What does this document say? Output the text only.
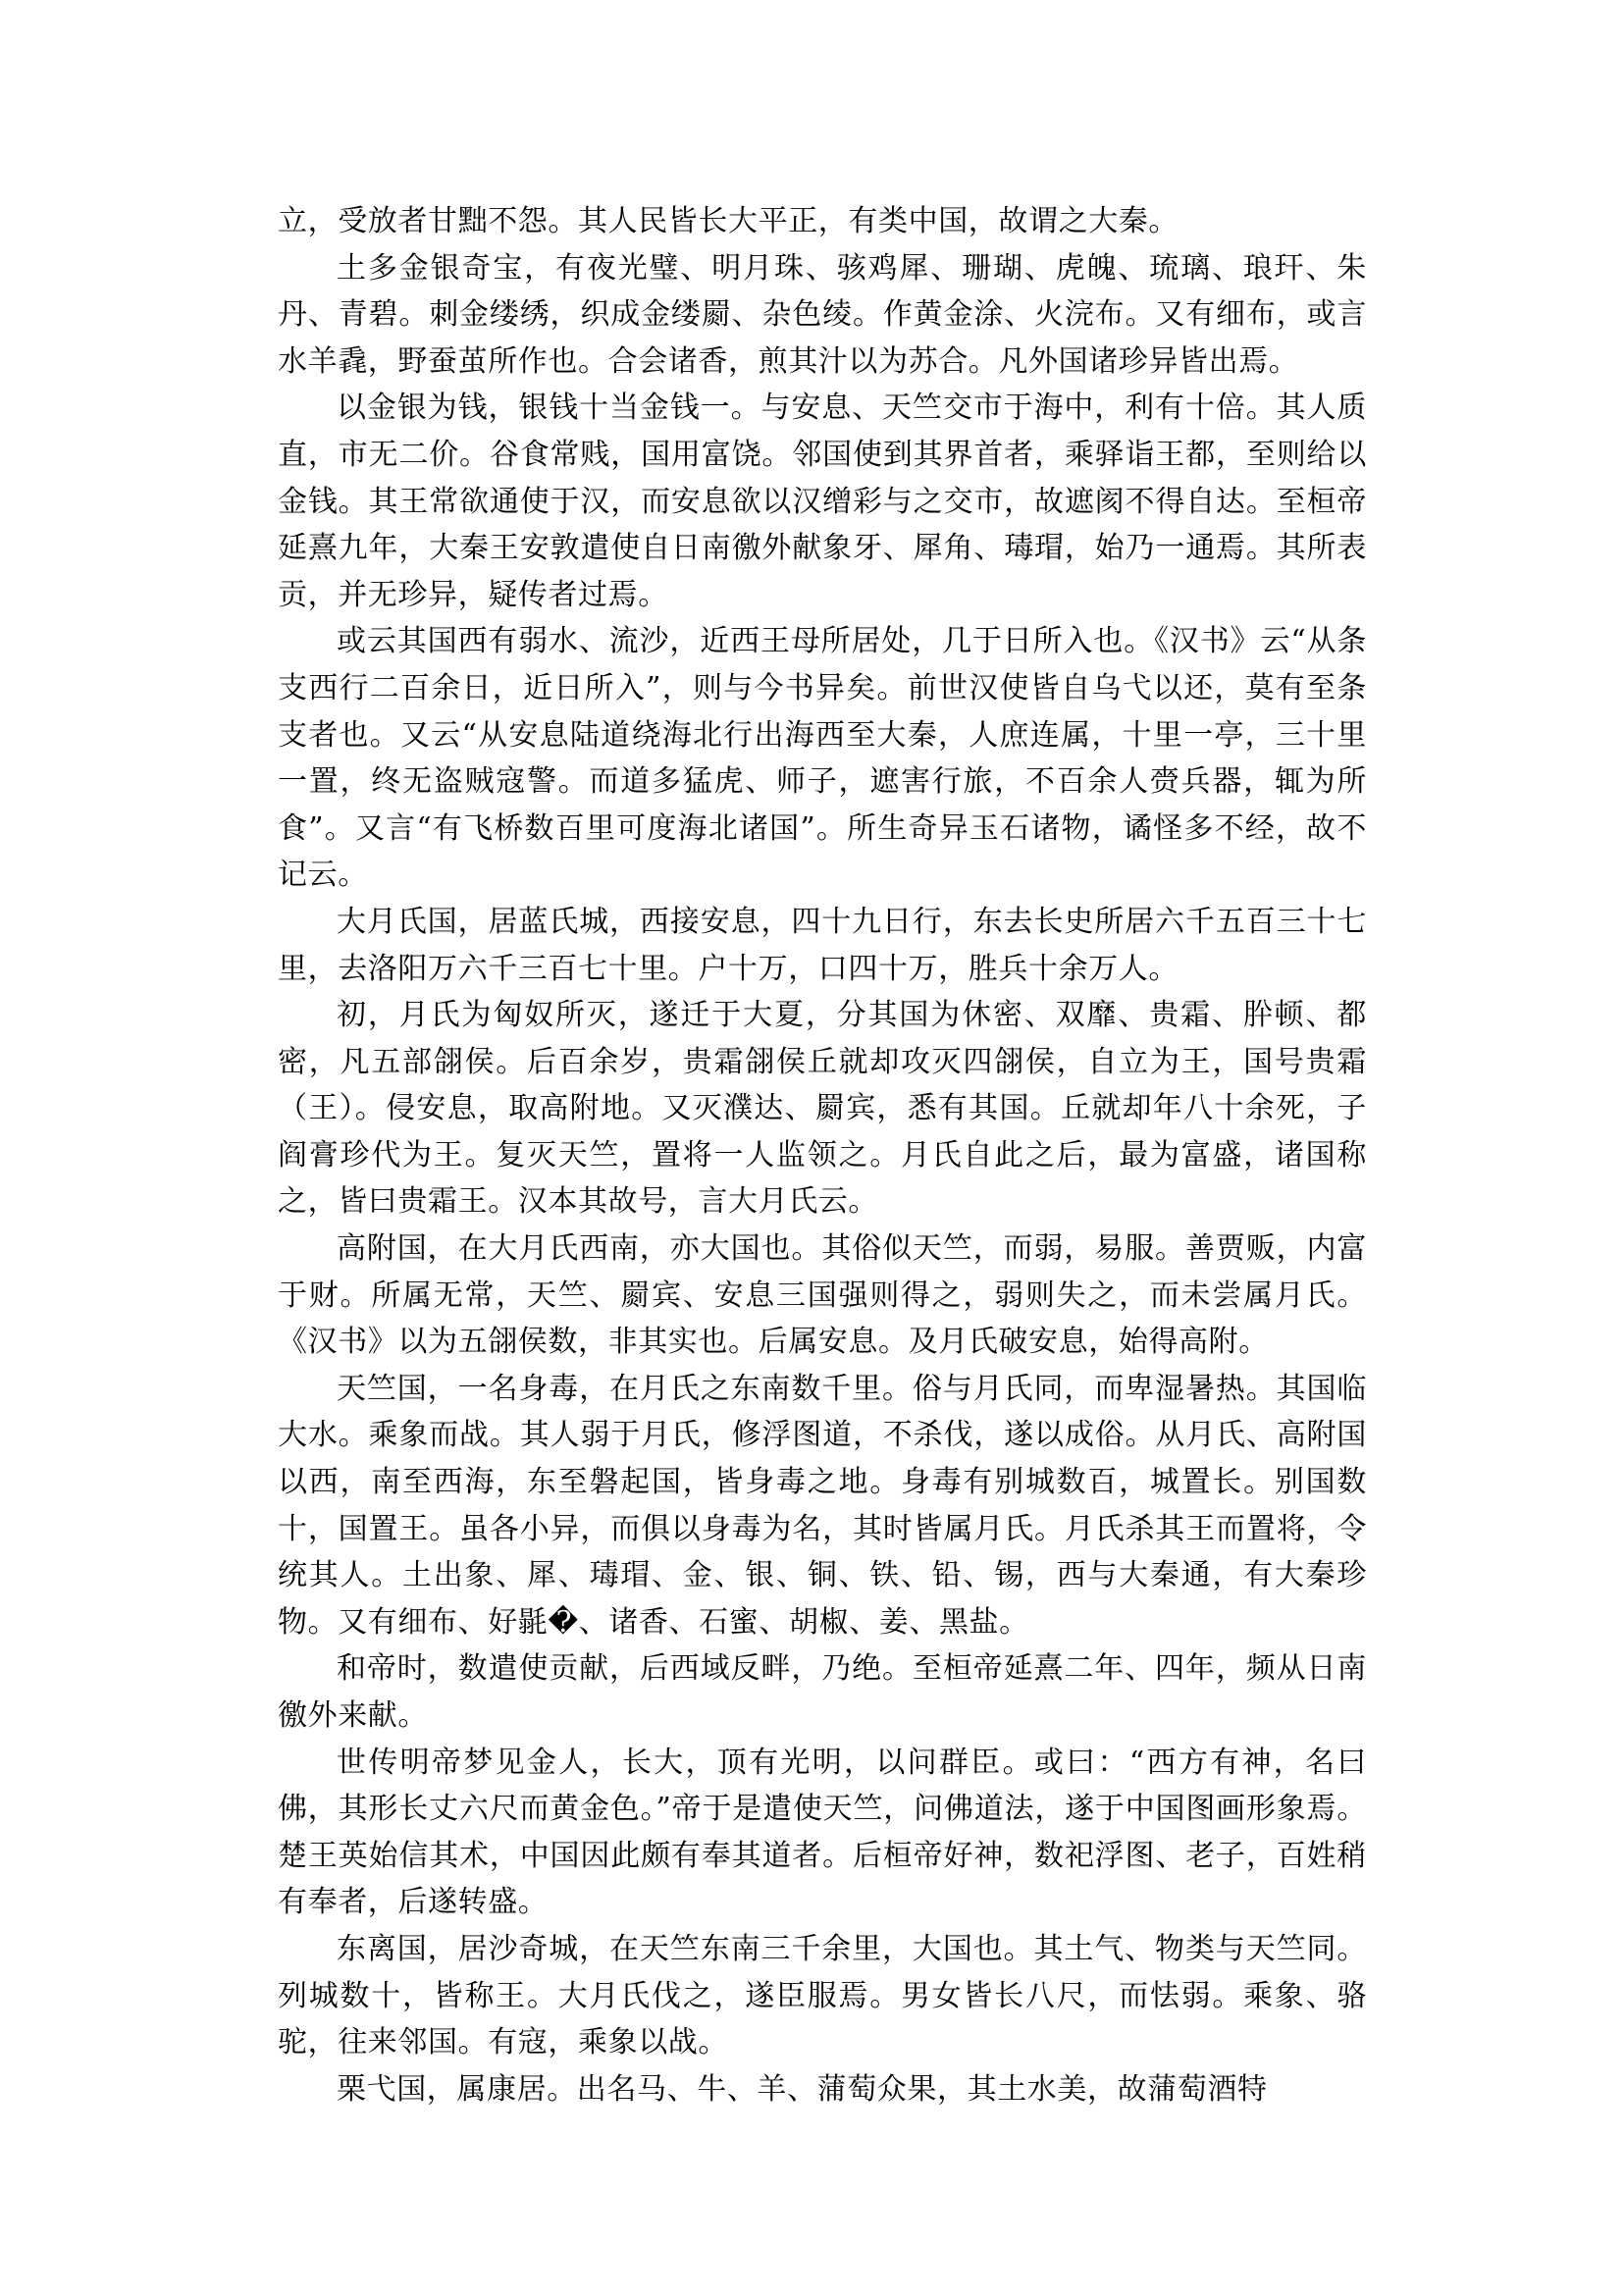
立，受放者甘黜不怨。其人民皆长大平正，有类中国，故谓之大秦。

土多金银奇宝，有夜光璧、明月珠、骇鸡犀、珊瑚、虎魄、琉璃、琅玕、朱丹、青碧。刺金缕绣，织成金缕罽、杂色绫。作黄金涂、火浣布。又有细布，或言水羊毳，野蚕茧所作也。合会诸香，煎其汁以为苏合。凡外国诸珍异皆出焉。

以金银为钱，银钱十当金钱一。与安息、天竺交市于海中，利有十倍。其人质直，市无二价。谷食常贱，国用富饶。邻国使到其界首者，乘驿诣王都，至则给以金钱。其王常欲通使于汉，而安息欲以汉缯彩与之交市，故遮阂不得自达。至桓帝延熹九年，大秦王安敦遣使自日南徼外献象牙、犀角、瑇瑁，始乃一通焉。其所表贡，并无珍异，疑传者过焉。

或云其国西有弱水、流沙，近西王母所居处，几于日所入也。《汉书》云“从条支西行二百余日，近日所入”，则与今书异矣。前世汉使皆自乌弋以还，莫有至条支者也。又云“从安息陆道绕海北行出海西至大秦，人庶连属，十里一亭，三十里一置，终无盗贼寇警。而道多猛虎、师子，遮害行旅，不百余人赍兵器，辄为所食”。又言“有飞桥数百里可度海北诸国”。所生奇异玉石诸物，谲怪多不经，故不记云。

大月氏国，居蓝氏城，西接安息，四十九日行，东去长史所居六千五百三十七里，去洛阳万六千三百七十里。户十万，口四十万，胜兵十余万人。

初，月氏为匈奴所灭，遂迁于大夏，分其国为休密、双靡、贵霜、肸顿、都密，凡五部翖侯。后百余岁，贵霜翖侯丘就却攻灭四翖侯，自立为王，国号贵霜（王）。侵安息，取高附地。又灭濮达、罽宾，悉有其国。丘就却年八十余死，子阎膏珍代为王。复灭天竺，置将一人监领之。月氏自此之后，最为富盛，诸国称之，皆曰贵霜王。汉本其故号，言大月氏云。

高附国，在大月氏西南，亦大国也。其俗似天竺，而弱，易服。善贾贩，内富于财。所属无常，天竺、罽宾、安息三国强则得之，弱则失之，而未尝属月氏。《汉书》以为五翖侯数，非其实也。后属安息。及月氏破安息，始得高附。

天竺国，一名身毒，在月氏之东南数千里。俗与月氏同，而卑湿暑热。其国临大水。乘象而战。其人弱于月氏，修浮图道，不杀伐，遂以成俗。从月氏、高附国以西，南至西海，东至磐起国，皆身毒之地。身毒有别城数百，城置长。别国数十，国置王。虽各小异，而俱以身毒为名，其时皆属月氏。月氏杀其王而置将，令统其人。土出象、犀、瑇瑁、金、银、铜、铁、铅、锡，西与大秦通，有大秦珍物。又有细布、好毾�、诸香、石蜜、胡椒、姜、黑盐。

和帝时，数遣使贡献，后西域反畔，乃绝。至桓帝延熹二年、四年，频从日南徼外来献。

世传明帝梦见金人，长大，顶有光明，以问群臣。或曰：“西方有神，名曰佛，其形长丈六尺而黄金色。”帝于是遣使天竺，问佛道法，遂于中国图画形象焉。楚王英始信其术，中国因此颇有奉其道者。后桓帝好神，数祀浮图、老子，百姓稍有奉者，后遂转盛。

东离国，居沙奇城，在天竺东南三千余里，大国也。其土气、物类与天竺同。列城数十，皆称王。大月氏伐之，遂臣服焉。男女皆长八尺，而怯弱。乘象、骆驼，往来邻国。有寇，乘象以战。

栗弋国，属康居。出名马、牛、羊、蒲萄众果，其土水美，故蒲萄酒特
